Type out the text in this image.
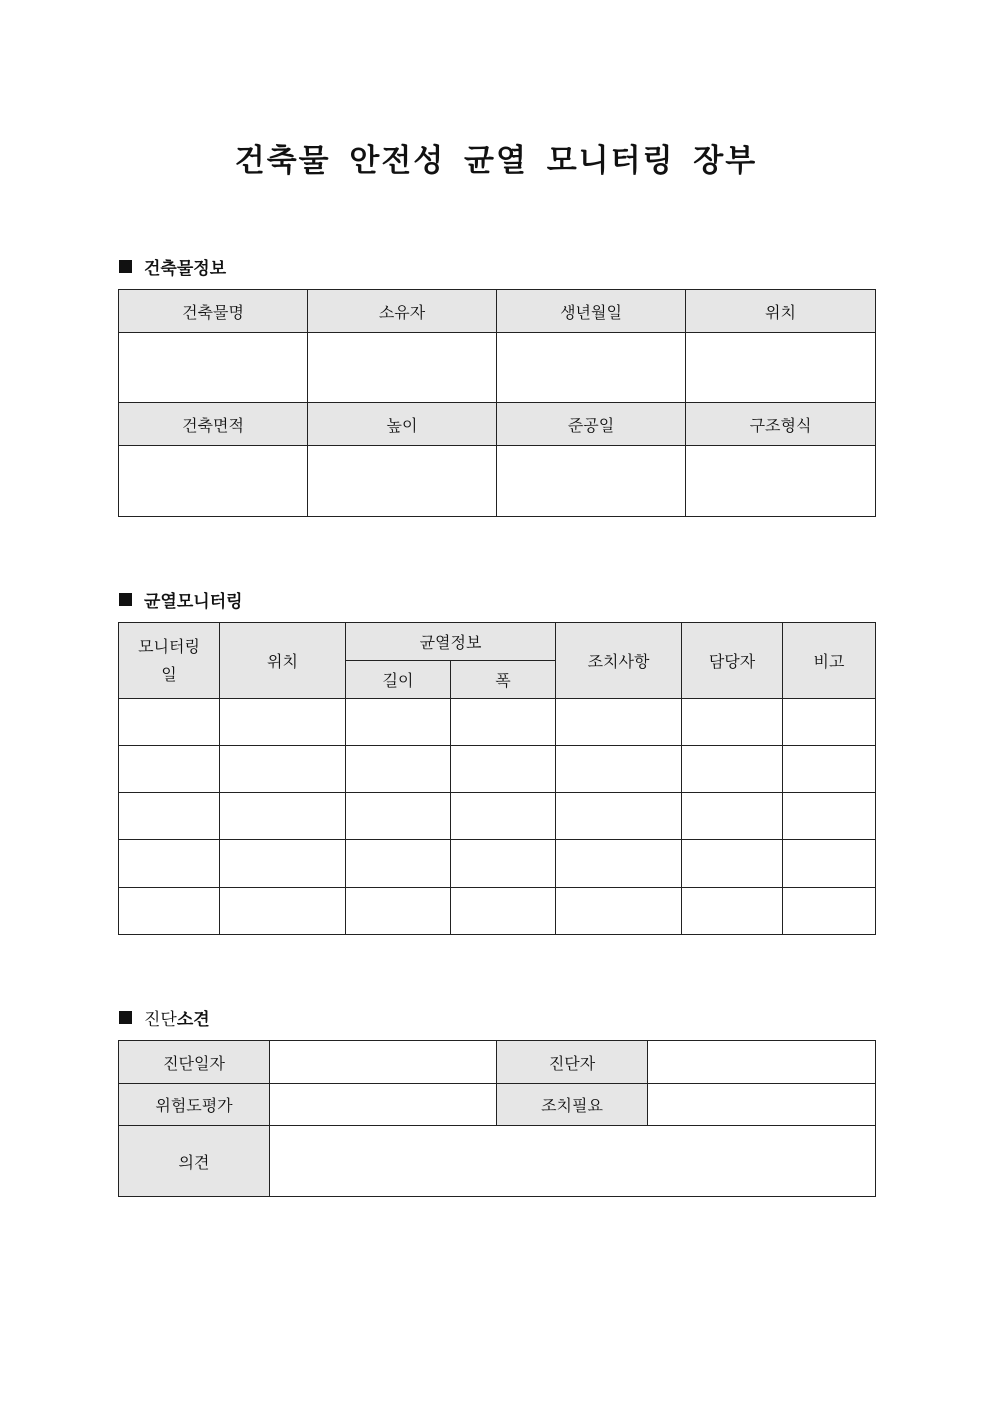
건축물 안전성 균열 모니터링 장부
건축물정보
건축물명	소유자	생년월일	위치

건축면적	높이	준공일	구조형식

균열모니터링
모니터링
일	위치	균열정보		조치사항	담당자	비고
		길이	폭			

진단 소견
진단일자		진단자	
위험도평가		조치필요	
의견			
